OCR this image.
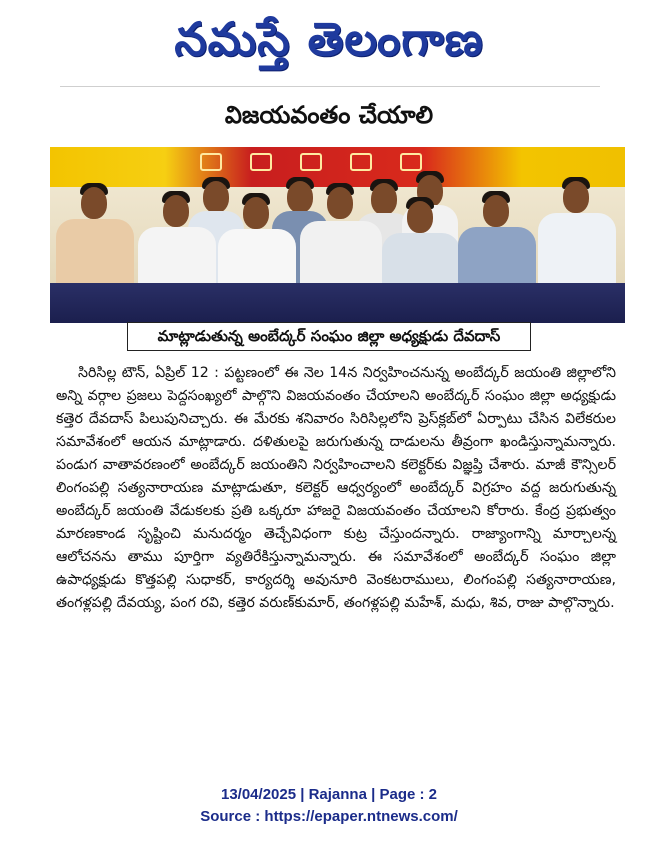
నమస్తే తెలంగాణ
విజయవంతం చేయాలి
మాట్లాడుతున్న అంబేద్కర్ సంఘం జిల్లా అధ్యక్షుడు దేవదాస్

సిరిసిల్ల టౌన్, ఏప్రిల్ 12 : పట్టణంలో ఈ నెల 14న నిర్వహించనున్న అంబేద్కర్ జయంతి జిల్లాలోని అన్ని వర్గాల ప్రజలు పెద్దసంఖ్యలో పాల్గొని విజయవంతం చేయాలని అంబేద్కర్ సంఘం జిల్లా అధ్యక్షుడు కత్తెర దేవదాస్ పిలుపునిచ్చారు. ఈ మేరకు శనివారం సిరిసిల్లలోని ప్రెస్‌క్లబ్‌లో ఏర్పాటు చేసిన విలేకరుల సమావేశంలో ఆయన మాట్లాడారు. దళితులపై జరుగుతున్న దాడులను తీవ్రంగా ఖండిస్తున్నామన్నారు. పండుగ వాతావరణంలో అంబేద్కర్ జయంతిని నిర్వహించాలని కలెక్టర్‌కు విజ్ఞప్తి చేశారు. మాజీ కౌన్సిలర్ లింగంపల్లి సత్యనారాయణ మాట్లాడుతూ, కలెక్టర్ ఆధ్వర్యంలో అంబేద్కర్ విగ్రహం వద్ద జరుగుతున్న అంబేద్కర్ జయంతి వేడుకలకు ప్రతి ఒక్కరూ హాజరై విజయవంతం చేయాలని కోరారు. కేంద్ర ప్రభుత్వం మారణకాండ సృష్టించి మనుదర్మం తెచ్చేవిధంగా కుట్ర చేస్తుందన్నారు. రాజ్యాంగాన్ని మార్చాలన్న ఆలోచనను తాము పూర్తిగా వ్యతిరేకిస్తున్నామన్నారు. ఈ సమావేశంలో అంబేద్కర్ సంఘం జిల్లా ఉపాధ్యక్షుడు కొత్తపల్లి సుధాకర్, కార్యదర్శి అవునూరి వెంకటరాములు, లింగంపల్లి సత్యనారాయణ, తంగళ్లపల్లి దేవయ్య, పంగ రవి, కత్తెర వరుణ్‌కుమార్, తంగళ్లపల్లి మహేశ్, మధు, శివ, రాజు పాల్గొన్నారు.

13/04/2025 | Rajanna | Page : 2
Source : https://epaper.ntnews.com/
